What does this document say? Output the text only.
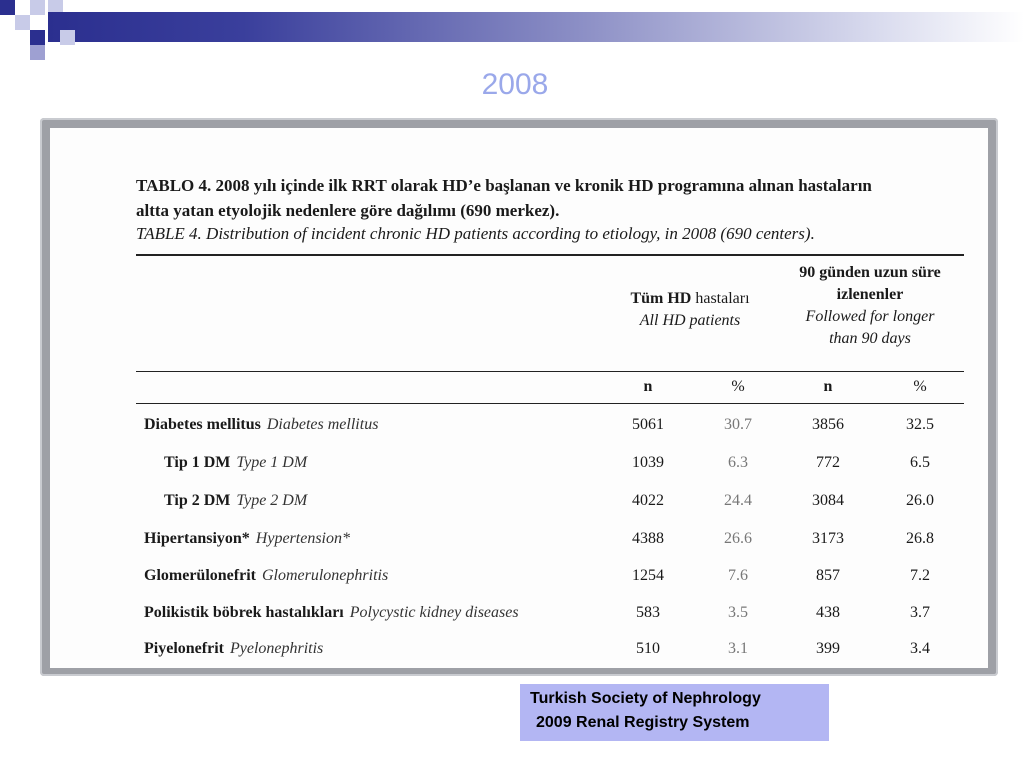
2008
TABLO 4. 2008 yılı içinde ilk RRT olarak HD’e başlanan ve kronik HD programına alınan hastaların
altta yatan etyolojik nedenlere göre dağılımı (690 merkez).
TABLE 4. Distribution of incident chronic HD patients according to etiology, in 2008 (690 centers).
Tüm HD hastaları
All HD patients
90 günden uzun süre
izlenenler
Followed for longer
than 90 days
n	%	n	%
Diabetes mellitus Diabetes mellitus	5061	30.7	3856	32.5
Tip 1 DM Type 1 DM	1039	6.3	772	6.5
Tip 2 DM Type 2 DM	4022	24.4	3084	26.0
Hipertansiyon* Hypertension*	4388	26.6	3173	26.8
Glomerülonefrit Glomerulonephritis	1254	7.6	857	7.2
Polikistik böbrek hastalıkları Polycystic kidney diseases	583	3.5	438	3.7
Piyelonefrit Pyelonephritis	510	3.1	399	3.4
Turkish Society of Nephrology
2009 Renal Registry System
